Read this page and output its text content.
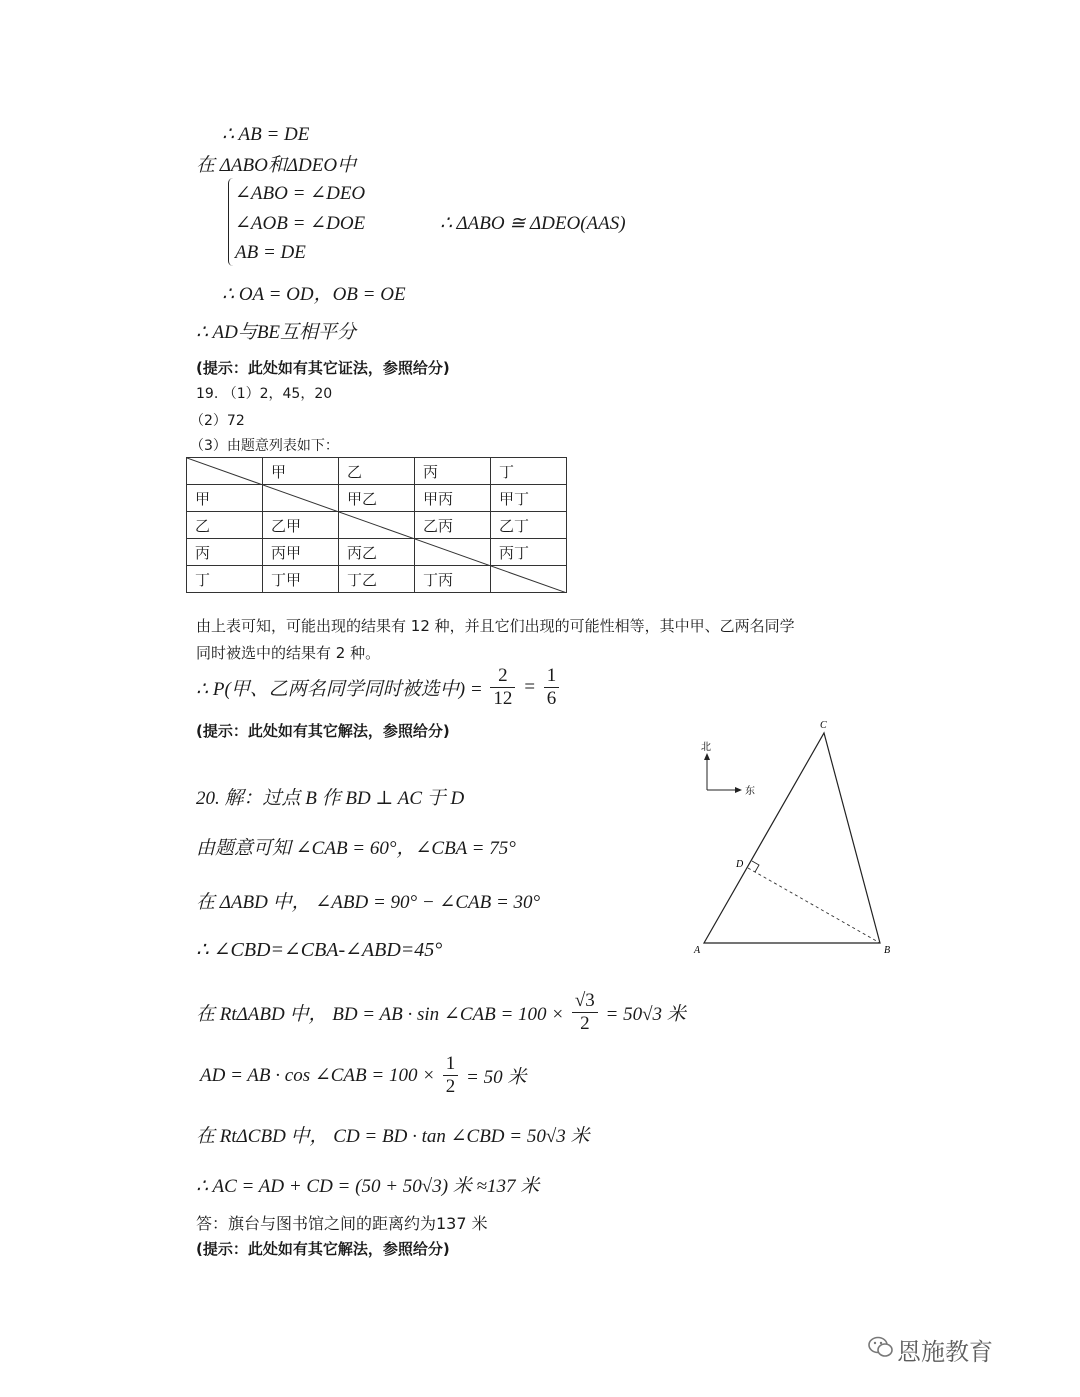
∴ AB = DE
在 ΔABO和ΔDEO中
∠ABO = ∠DEO
∠AOB = ∠DOE
AB = DE
∴ ΔABO ≅ ΔDEO(AAS)
∴ OA = OD，OB = OE
∴ AD与BE互相平分
(提示：此处如有其它证法，参照给分)
19. （1）2，45，20
（2）72
（3）由题意列表如下：
	甲	乙	丙	丁
甲		甲乙	甲丙	甲丁
乙	乙甲		乙丙	乙丁
丙	丙甲	丙乙		丙丁
丁	丁甲	丁乙	丁丙	
由上表可知，可能出现的结果有 12 种，并且它们出现的可能性相等，其中甲、乙两名同学
同时被选中的结果有 2 种。
∴ P(甲、乙两名同学同时被选中) = $\frac{2}{12} = \frac{1}{6}$
(提示：此处如有其它解法，参照给分)
20. 解：过点 B 作 BD ⊥ AC 于 D
由题意可知 ∠CAB = 60°，∠CBA = 75°
在 ΔABD 中， ∠ABD = 90° − ∠CAB = 30°
∴ ∠CBD=∠CBA-∠ABD=45°
在 RtΔABD 中， BD = AB · sin ∠CAB = $100 \times \frac{√3}{2} = 50√3$ 米
AD = AB · cos ∠CAB = $100 \times \frac{1}{2} = 50$ 米
在 RtΔCBD 中， CD = BD · tan ∠CBD = 50√3 米
∴ AC = AD + CD = (50 + 50√3) 米 ≈137 米
答：旗台与图书馆之间的距离约为137 米
(提示：此处如有其它解法，参照给分)
北
东
A	B
C
D
恩施教育
